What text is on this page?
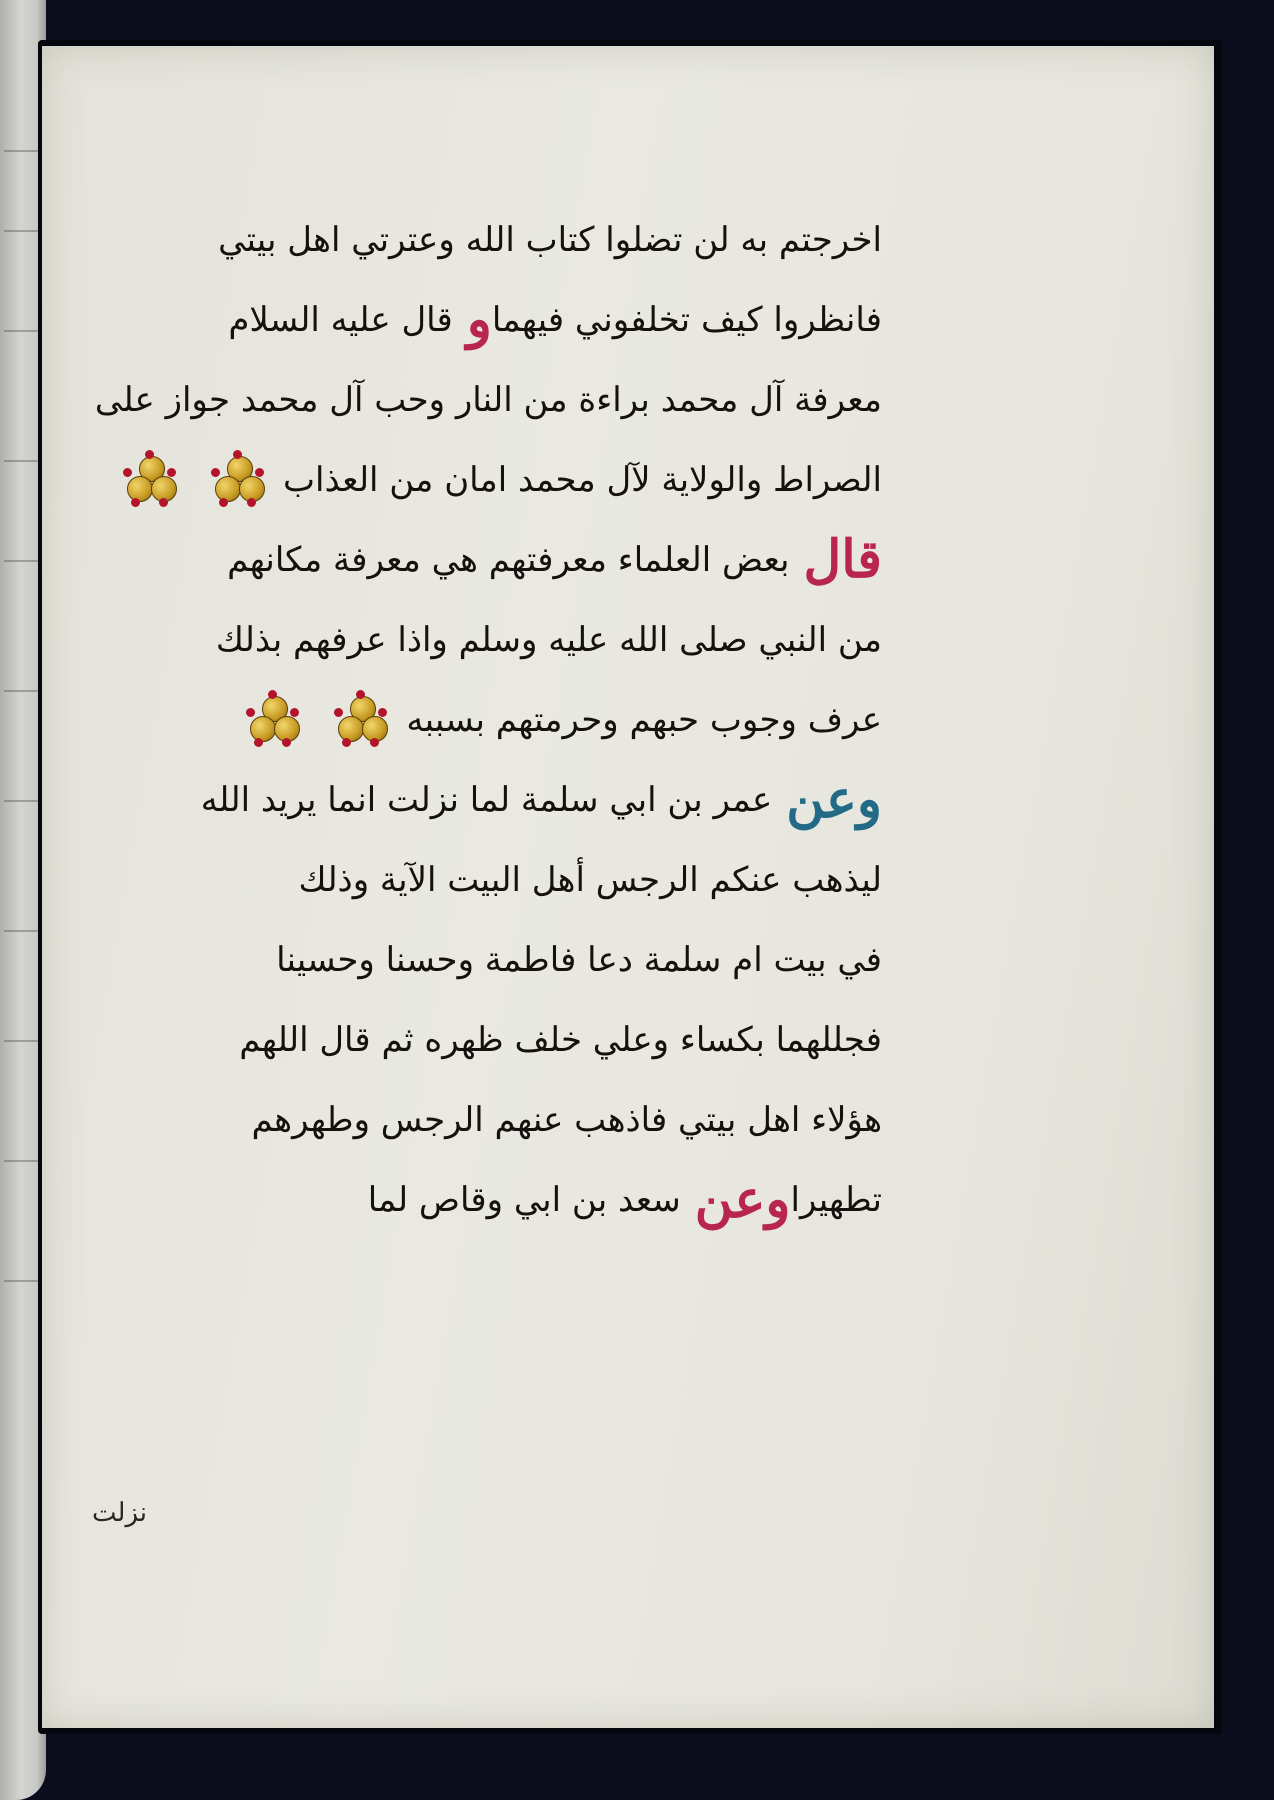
اخرجتم به لن تضلوا كتاب الله وعترتي اهل بيتي
فانظروا كيف تخلفوني فيهما
و
قال عليه السلام
معرفة آل محمد براءة من النار وحب آل محمد جواز على
الصراط والولاية لآل محمد امان من العذاب
قال
بعض العلماء معرفتهم هي معرفة مكانهم
من النبي صلى الله عليه وسلم واذا عرفهم بذلك
عرف وجوب حبهم وحرمتهم بسببه
وعن
عمر بن ابي سلمة لما نزلت انما يريد الله
ليذهب عنكم الرجس أهل البيت الآية وذلك
في بيت ام سلمة دعا فاطمة وحسنا وحسينا
فجللهما بكساء وعلي خلف ظهره ثم قال اللهم
هؤلاء اهل بيتي فاذهب عنهم الرجس وطهرهم
تطهيرا
وعن
سعد بن ابي وقاص لما
نزلت
